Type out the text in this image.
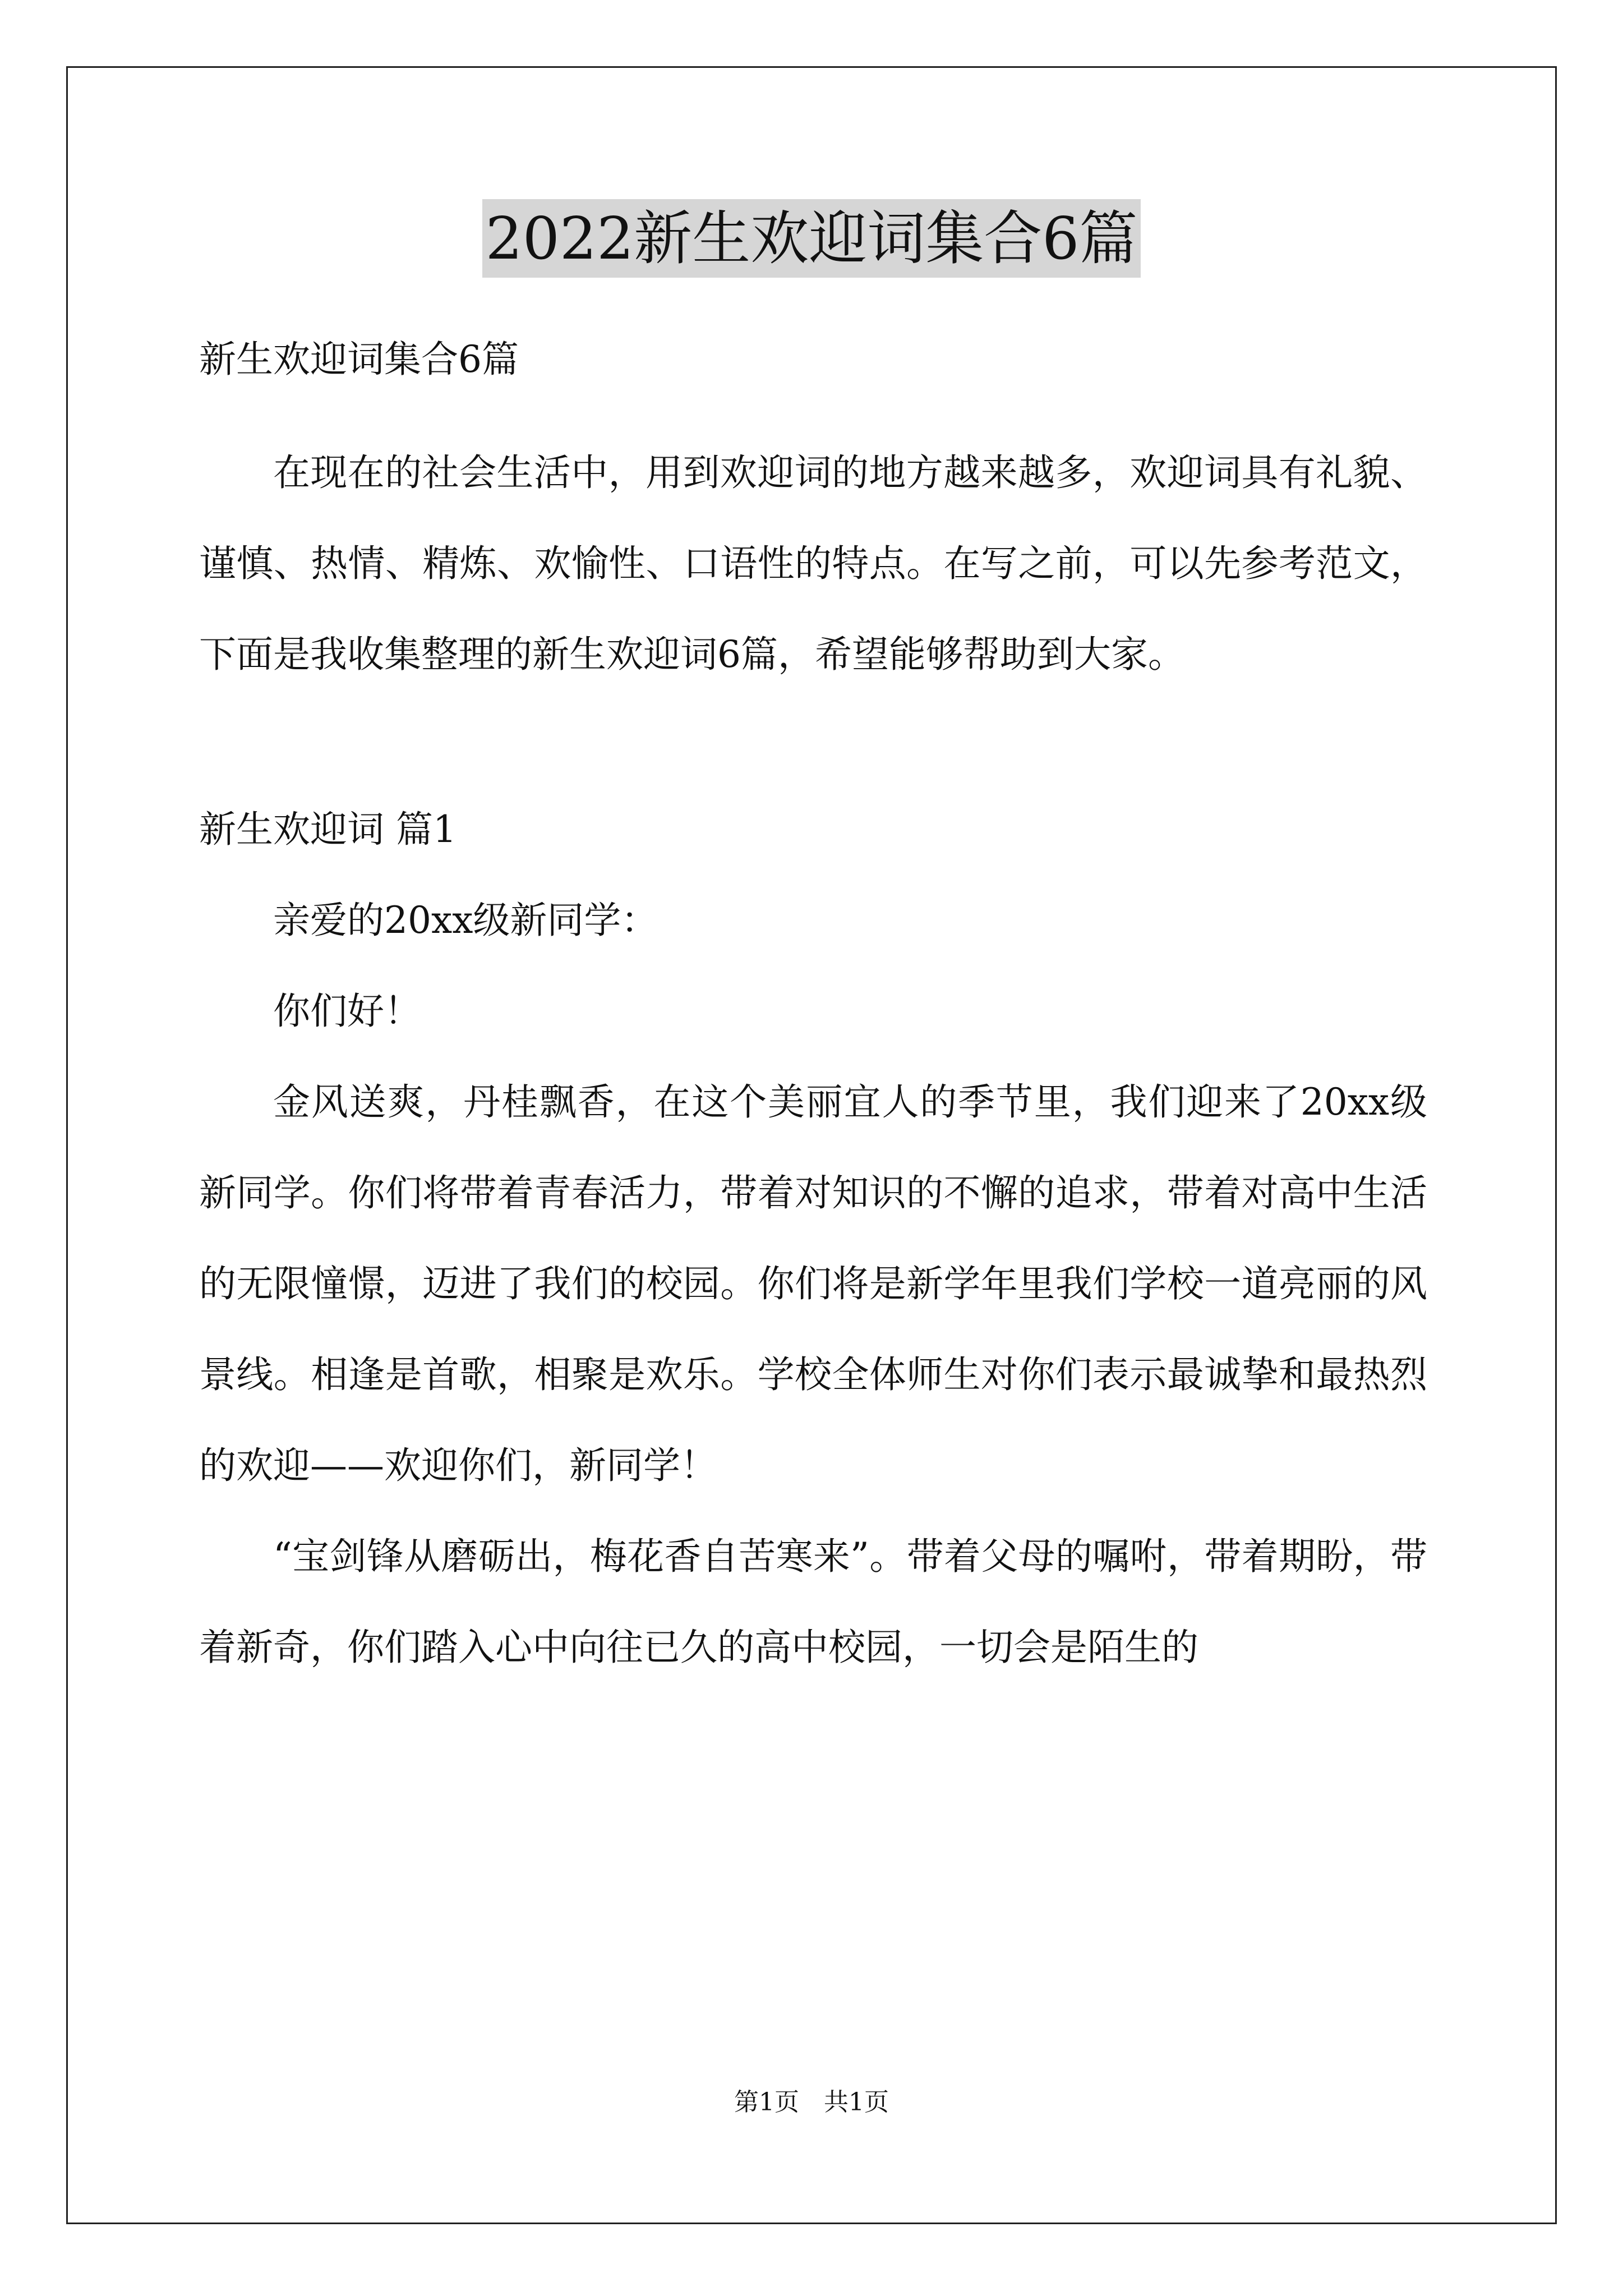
2022新生欢迎词集合6篇

新生欢迎词集合6篇

在现在的社会生活中，用到欢迎词的地方越来越多，欢迎词具有礼貌、谨慎、热情、精炼、欢愉性、口语性的特点。在写之前，可以先参考范文，下面是我收集整理的新生欢迎词6篇，希望能够帮助到大家。

新生欢迎词 篇1

亲爱的20xx级新同学：

你们好！

金风送爽，丹桂飘香，在这个美丽宜人的季节里，我们迎来了20xx级新同学。你们将带着青春活力，带着对知识的不懈的追求，带着对高中生活的无限憧憬，迈进了我们的校园。你们将是新学年里我们学校一道亮丽的风景线。相逢是首歌，相聚是欢乐。学校全体师生对你们表示最诚挚和最热烈的欢迎——欢迎你们，新同学！

“宝剑锋从磨砺出，梅花香自苦寒来”。带着父母的嘱咐，带着期盼，带着新奇，你们踏入心中向往已久的高中校园，一切会是陌生的

第1页　共1页
